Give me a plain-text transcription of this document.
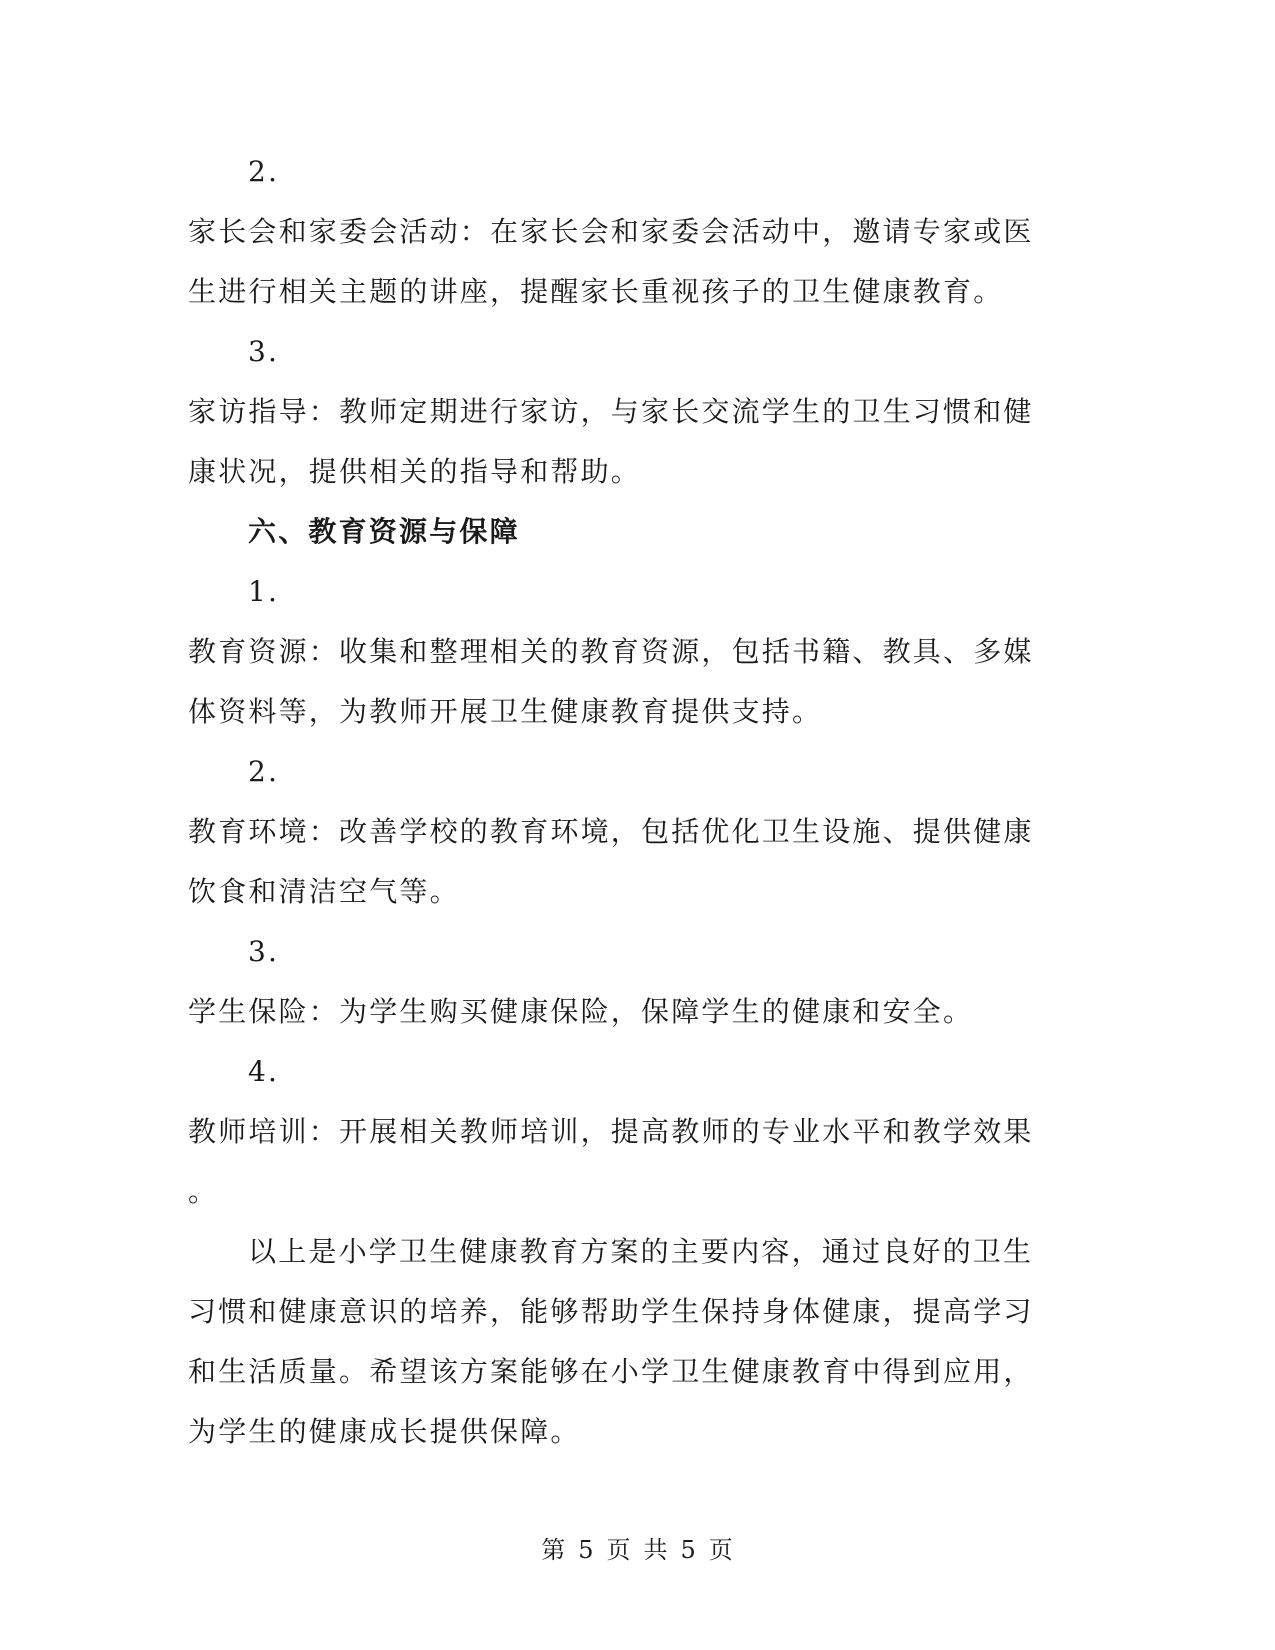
2.
家长会和家委会活动：在家长会和家委会活动中，邀请专家或医
生进行相关主题的讲座，提醒家长重视孩子的卫生健康教育。
3.
家访指导：教师定期进行家访，与家长交流学生的卫生习惯和健
康状况，提供相关的指导和帮助。
六、教育资源与保障
1.
教育资源：收集和整理相关的教育资源，包括书籍、教具、多媒
体资料等，为教师开展卫生健康教育提供支持。
2.
教育环境：改善学校的教育环境，包括优化卫生设施、提供健康
饮食和清洁空气等。
3.
学生保险：为学生购买健康保险，保障学生的健康和安全。
4.
教师培训：开展相关教师培训，提高教师的专业水平和教学效果
。
以上是小学卫生健康教育方案的主要内容，通过良好的卫生
习惯和健康意识的培养，能够帮助学生保持身体健康，提高学习
和生活质量。希望该方案能够在小学卫生健康教育中得到应用，
为学生的健康成长提供保障。
第 5 页 共 5 页
